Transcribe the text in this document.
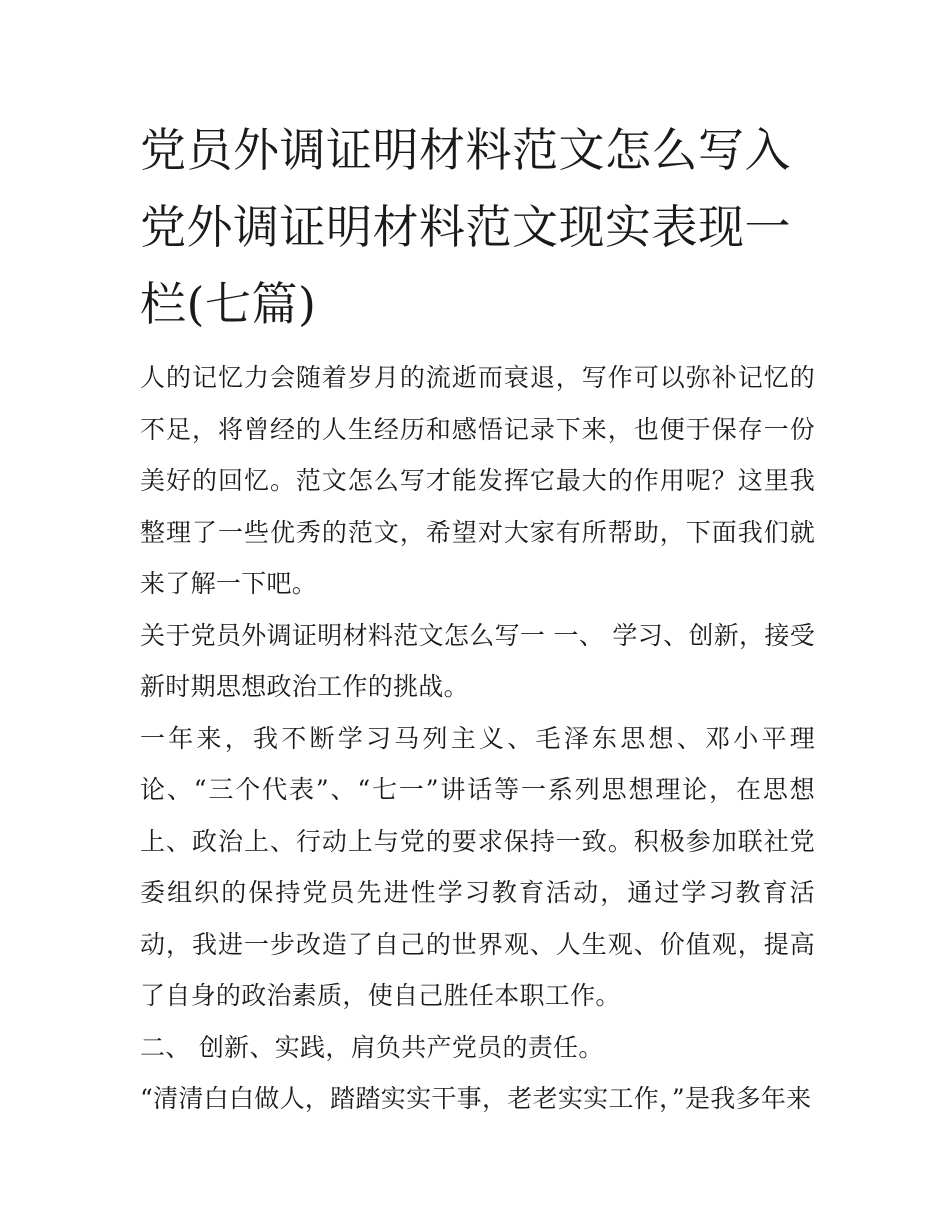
党员外调证明材料范文怎么写入党外调证明材料范文现实表现一栏(七篇)

人的记忆力会随着岁月的流逝而衰退，写作可以弥补记忆的不足，将曾经的人生经历和感悟记录下来，也便于保存一份美好的回忆。范文怎么写才能发挥它最大的作用呢？这里我整理了一些优秀的范文，希望对大家有所帮助，下面我们就来了解一下吧。

关于党员外调证明材料范文怎么写一 一、 学习、创新，接受新时期思想政治工作的挑战。

一年来，我不断学习马列主义、毛泽东思想、邓小平理论、“三个代表”、“七一”讲话等一系列思想理论，在思想上、政治上、行动上与党的要求保持一致。积极参加联社党委组织的保持党员先进性学习教育活动，通过学习教育活动，我进一步改造了自己的世界观、人生观、价值观，提高了自身的政治素质，使自己胜任本职工作。

二、 创新、实践，肩负共产党员的责任。

“清清白白做人，踏踏实实干事，老老实实工作，”是我多年来
